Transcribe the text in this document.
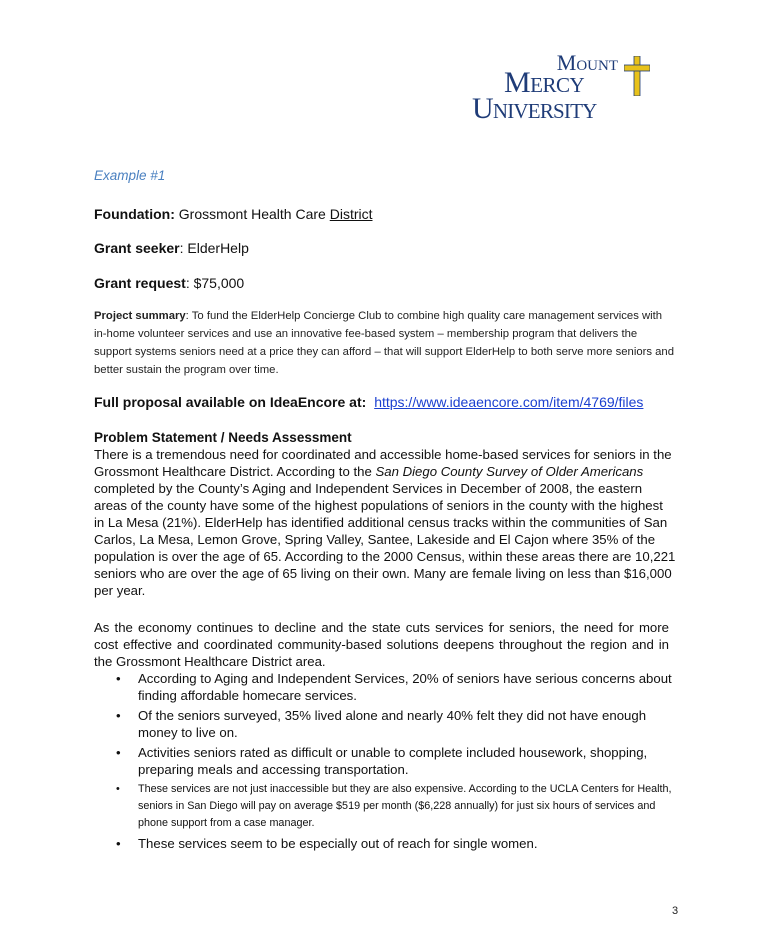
Mount
Mercy
University
Example #1
Foundation: Grossmont Health Care District
Grant seeker: ElderHelp
Grant request: $75,000
Project summary: To fund the ElderHelp Concierge Club to combine high quality care management services with in-home volunteer services and use an innovative fee-based system – membership program that delivers the support systems seniors need at a price they can afford – that will support ElderHelp to both serve more seniors and better sustain the program over time.
Full proposal available on IdeaEncore at: https://www.ideaencore.com/item/4769/files
Problem Statement / Needs Assessment
There is a tremendous need for coordinated and accessible home-based services for seniors in the Grossmont Healthcare District. According to the San Diego County Survey of Older Americans completed by the County’s Aging and Independent Services in December of 2008, the eastern areas of the county have some of the highest populations of seniors in the county with the highest in La Mesa (21%). ElderHelp has identified additional census tracks within the communities of San Carlos, La Mesa, Lemon Grove, Spring Valley, Santee, Lakeside and El Cajon where 35% of the population is over the age of 65. According to the 2000 Census, within these areas there are 10,221 seniors who are over the age of 65 living on their own. Many are female living on less than $16,000 per year.
As the economy continues to decline and the state cuts services for seniors, the need for more cost effective and coordinated community-based solutions deepens throughout the region and in the Grossmont Healthcare District area.
• According to Aging and Independent Services, 20% of seniors have serious concerns about finding affordable homecare services.
• Of the seniors surveyed, 35% lived alone and nearly 40% felt they did not have enough money to live on.
• Activities seniors rated as difficult or unable to complete included housework, shopping, preparing meals and accessing transportation.
• These services are not just inaccessible but they are also expensive. According to the UCLA Centers for Health, seniors in San Diego will pay on average $519 per month ($6,228 annually) for just six hours of services and phone support from a case manager.
• These services seem to be especially out of reach for single women.
3
